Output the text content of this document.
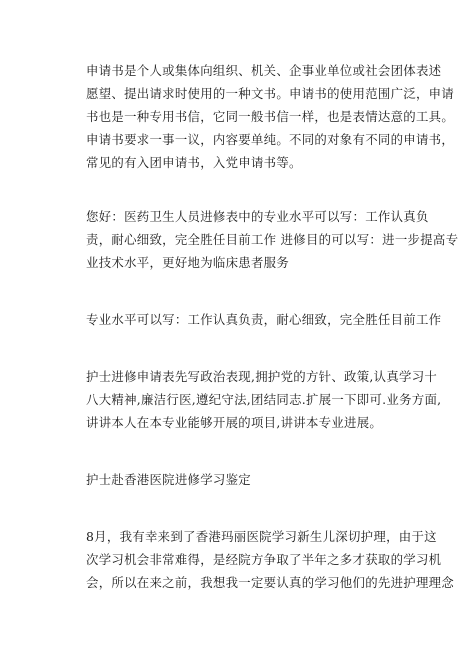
申请书是个人或集体向组织、机关、企事业单位或社会团体表述
愿望、提出请求时使用的一种文书。申请书的使用范围广泛，申请
书也是一种专用书信，它同一般书信一样，也是表情达意的工具。
申请书要求一事一议，内容要单纯。不同的对象有不同的申请书，
常见的有入团申请书，入党申请书等。
您好：医药卫生人员进修表中的专业水平可以写：工作认真负
责，耐心细致，完全胜任目前工作 进修目的可以写：进一步提高专
业技术水平，更好地为临床患者服务
专业水平可以写：工作认真负责，耐心细致，完全胜任目前工作
护士进修申请表先写政治表现,拥护党的方针、政策,认真学习十
八大精神,廉洁行医,遵纪守法,团结同志.扩展一下即可.业务方面,
讲讲本人在本专业能够开展的项目,讲讲本专业进展。
护士赴香港医院进修学习鉴定
8月，我有幸来到了香港玛丽医院学习新生儿深切护理，由于这
次学习机会非常难得，是经院方争取了半年之多才获取的学习机
会，所以在来之前，我想我一定要认真的学习他们的先进护理理念
